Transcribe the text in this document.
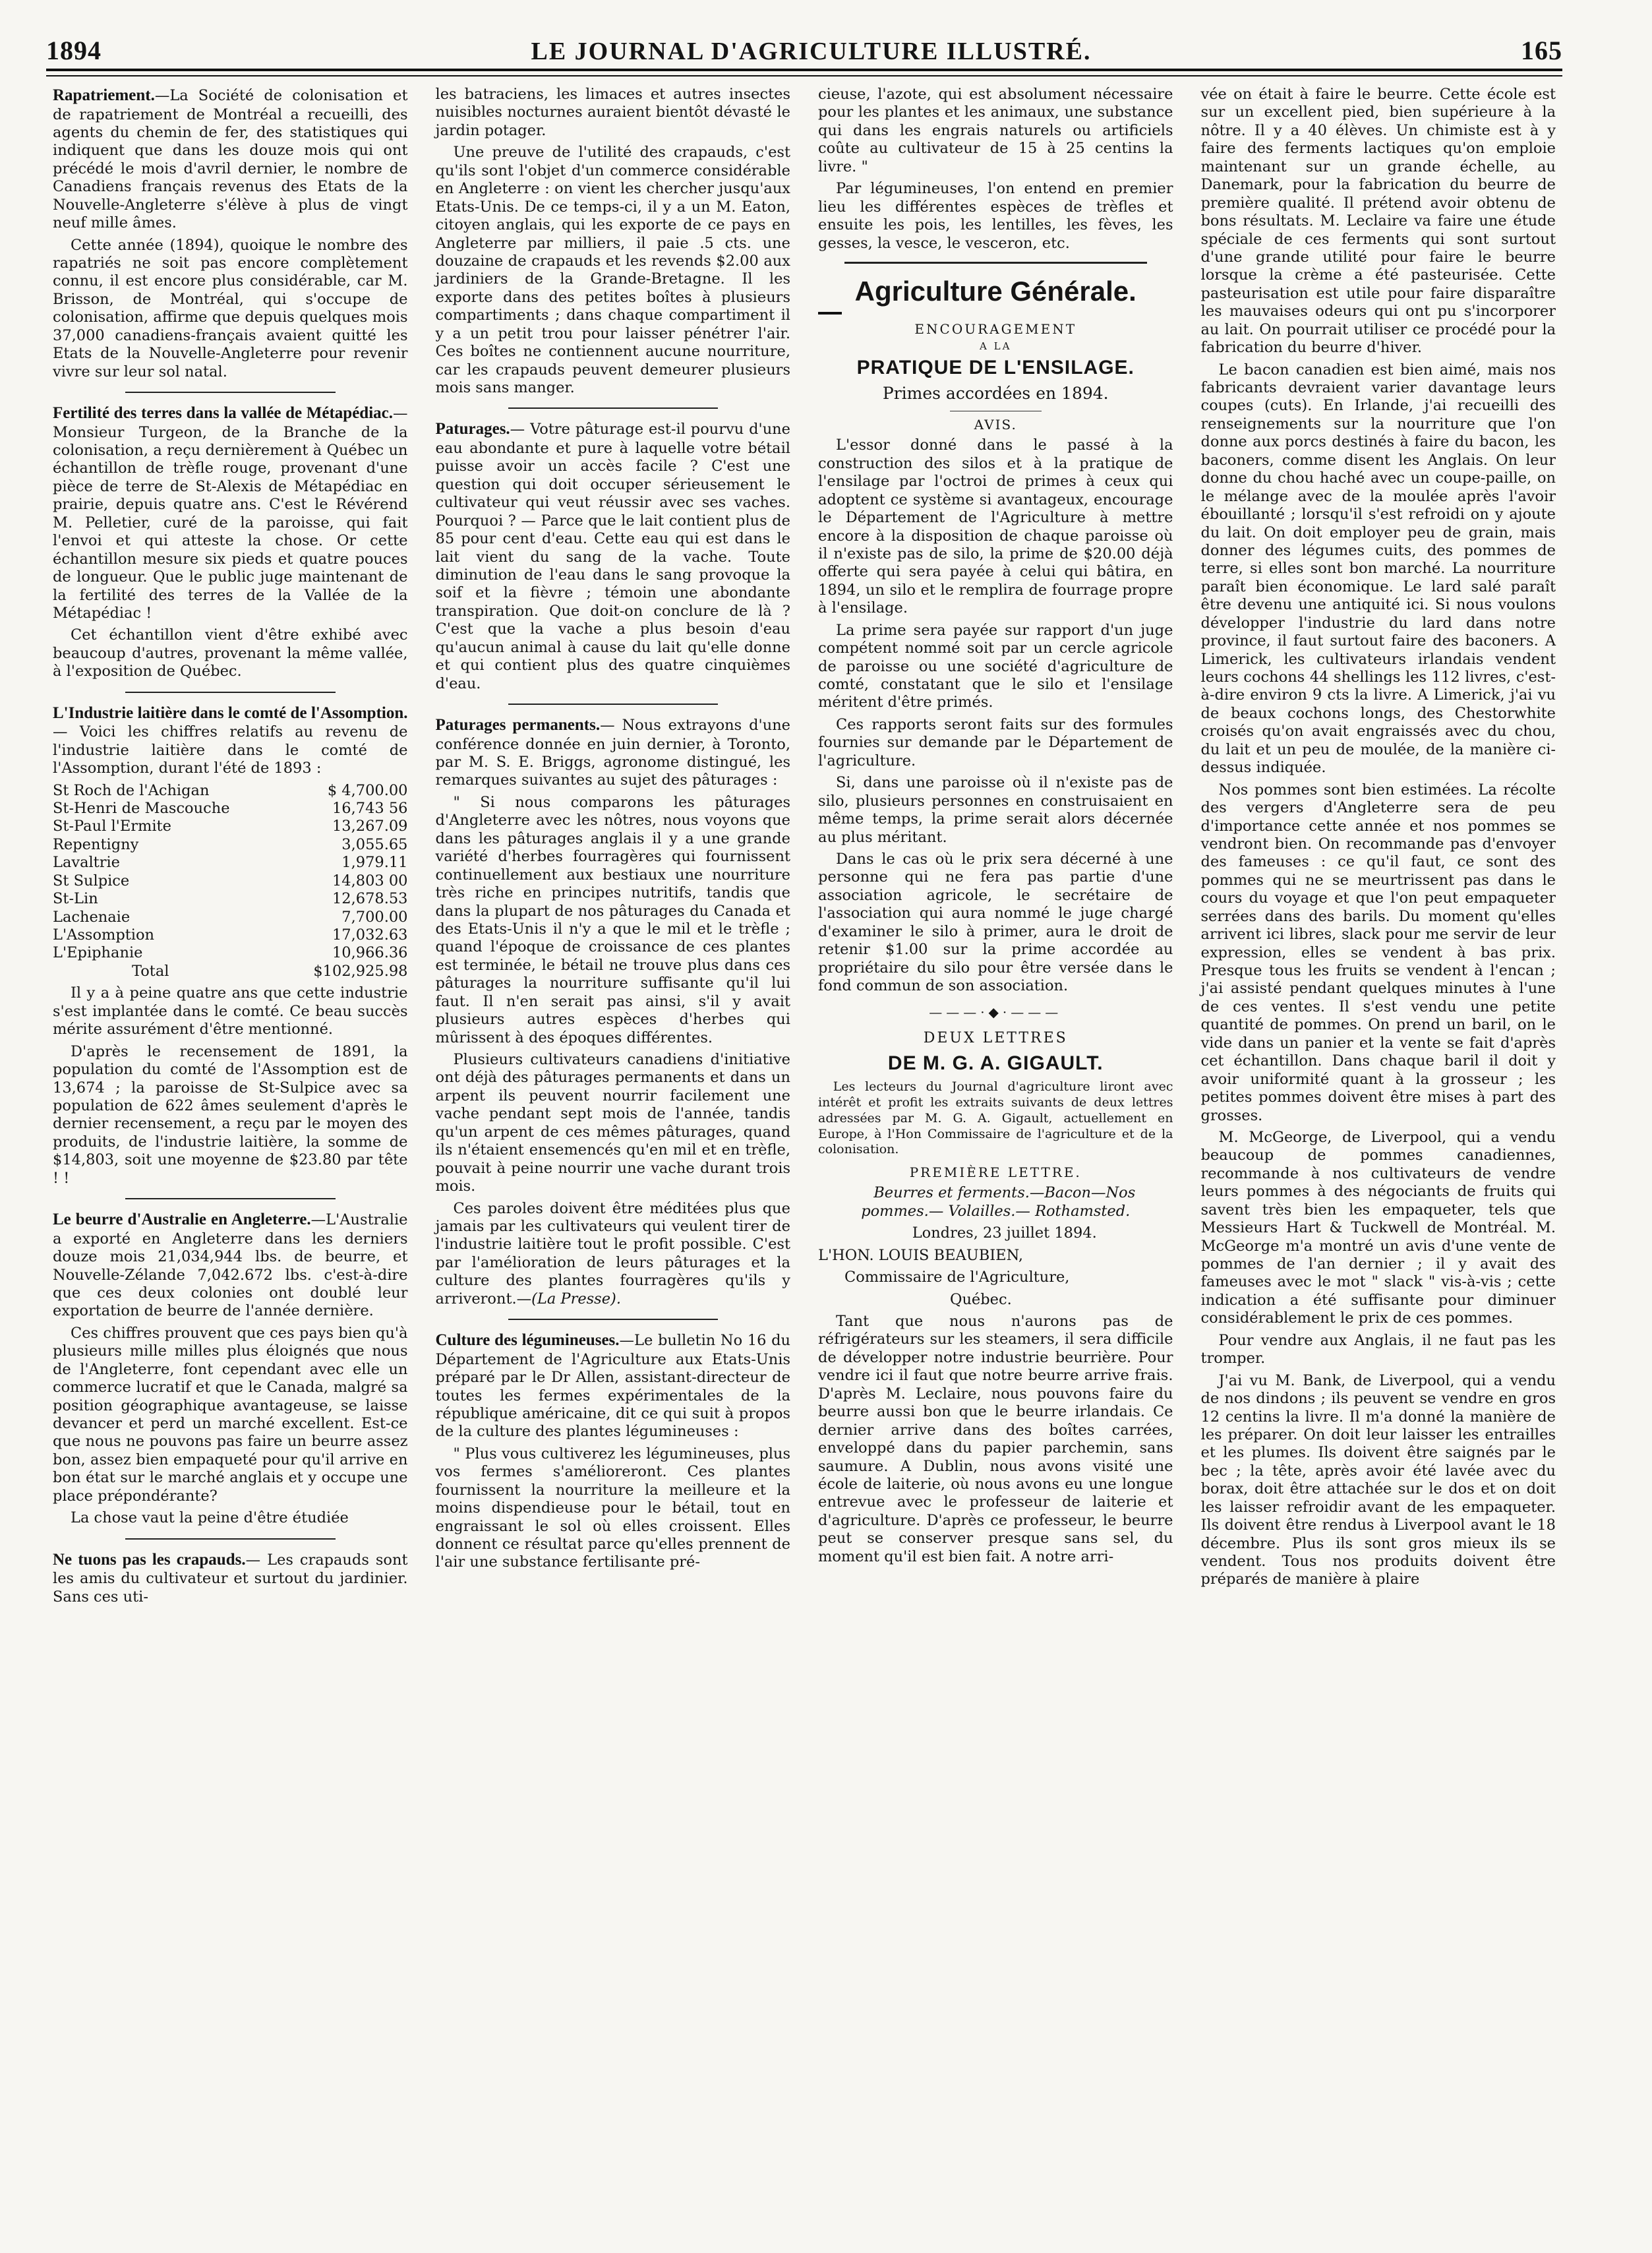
1894	LE JOURNAL D'AGRICULTURE ILLUSTRÉ.	165

Rapatriement.—La Société de colonisation et de rapatriement de Montréal a recueilli, des agents du chemin de fer, des statistiques qui indiquent que dans les douze mois qui ont précédé le mois d'avril dernier, le nombre de Canadiens français revenus des Etats de la Nouvelle-Angleterre s'élève à plus de vingt neuf mille âmes.

Cette année (1894), quoique le nombre des rapatriés ne soit pas encore complètement connu, il est encore plus considérable, car M. Brisson, de Montréal, qui s'occupe de colonisation, affirme que depuis quelques mois 37,000 canadiens-français avaient quitté les Etats de la Nouvelle-Angleterre pour revenir vivre sur leur sol natal.

Fertilité des terres dans la vallée de Métapédiac.—Monsieur Turgeon, de la Branche de la colonisation, a reçu dernièrement à Québec un échantillon de trèfle rouge, provenant d'une pièce de terre de St-Alexis de Métapédiac en prairie, depuis quatre ans. C'est le Révérend M. Pelletier, curé de la paroisse, qui fait l'envoi et qui atteste la chose. Or cette échantillon mesure six pieds et quatre pouces de longueur. Que le public juge maintenant de la fertilité des terres de la Vallée de la Métapédiac !

Cet échantillon vient d'être exhibé avec beaucoup d'autres, provenant la même vallée, à l'exposition de Québec.

L'Industrie laitière dans le comté de l'Assomption.— Voici les chiffres relatifs au revenu de l'industrie laitière dans le comté de l'Assomption, durant l'été de 1893 :

St Roch de l'Achigan	$ 4,700.00
St-Henri de Mascouche	16,743 56
St-Paul l'Ermite	13,267.09
Repentigny	3,055.65
Lavaltrie	1,979.11
St Sulpice	14,803 00
St-Lin	12,678.53
Lachenaie	7,700.00
L'Assomption	17,032.63
L'Epiphanie	10,966.36
Total	$102,925.98

Il y a à peine quatre ans que cette industrie s'est implantée dans le comté. Ce beau succès mérite assurément d'être mentionné.

D'après le recensement de 1891, la population du comté de l'Assomption est de 13,674 ; la paroisse de St-Sulpice avec sa population de 622 âmes seulement d'après le dernier recensement, a reçu par le moyen des produits, de l'industrie laitière, la somme de $14,803, soit une moyenne de $23.80 par tête ! !

Le beurre d'Australie en Angleterre.—L'Australie a exporté en Angleterre dans les derniers douze mois 21,034,944 lbs. de beurre, et Nouvelle-Zélande 7,042.672 lbs. c'est-à-dire que ces deux colonies ont doublé leur exportation de beurre de l'année dernière.

Ces chiffres prouvent que ces pays bien qu'à plusieurs mille milles plus éloignés que nous de l'Angleterre, font cependant avec elle un commerce lucratif et que le Canada, malgré sa position géographique avantageuse, se laisse devancer et perd un marché excellent. Est-ce que nous ne pouvons pas faire un beurre assez bon, assez bien empaqueté pour qu'il arrive en bon état sur le marché anglais et y occupe une place prépondérante?

La chose vaut la peine d'être étudiée

Ne tuons pas les crapauds.— Les crapauds sont les amis du cultivateur et surtout du jardinier. Sans ces uti-

les batraciens, les limaces et autres insectes nuisibles nocturnes auraient bientôt dévasté le jardin potager.

Une preuve de l'utilité des crapauds, c'est qu'ils sont l'objet d'un commerce considérable en Angleterre : on vient les chercher jusqu'aux Etats-Unis. De ce temps-ci, il y a un M. Eaton, citoyen anglais, qui les exporte de ce pays en Angleterre par milliers, il paie .5 cts. une douzaine de crapauds et les revends $2.00 aux jardiniers de la Grande-Bretagne. Il les exporte dans des petites boîtes à plusieurs compartiments ; dans chaque compartiment il y a un petit trou pour laisser pénétrer l'air. Ces boîtes ne contiennent aucune nourriture, car les crapauds peuvent demeurer plusieurs mois sans manger.

Paturages.— Votre pâturage est-il pourvu d'une eau abondante et pure à laquelle votre bétail puisse avoir un accès facile ? C'est une question qui doit occuper sérieusement le cultivateur qui veut réussir avec ses vaches. Pourquoi ? — Parce que le lait contient plus de 85 pour cent d'eau. Cette eau qui est dans le lait vient du sang de la vache. Toute diminution de l'eau dans le sang provoque la soif et la fièvre ; témoin une abondante transpiration. Que doit-on conclure de là ? C'est que la vache a plus besoin d'eau qu'aucun animal à cause du lait qu'elle donne et qui contient plus des quatre cinquièmes d'eau.

Paturages permanents.— Nous extrayons d'une conférence donnée en juin dernier, à Toronto, par M. S. E. Briggs, agronome distingué, les remarques suivantes au sujet des pâturages :

" Si nous comparons les pâturages d'Angleterre avec les nôtres, nous voyons que dans les pâturages anglais il y a une grande variété d'herbes fourragères qui fournissent continuellement aux bestiaux une nourriture très riche en principes nutritifs, tandis que dans la plupart de nos pâturages du Canada et des Etats-Unis il n'y a que le mil et le trèfle ; quand l'époque de croissance de ces plantes est terminée, le bétail ne trouve plus dans ces pâturages la nourriture suffisante qu'il lui faut. Il n'en serait pas ainsi, s'il y avait plusieurs autres espèces d'herbes qui mûrissent à des époques différentes.

Plusieurs cultivateurs canadiens d'initiative ont déjà des pâturages permanents et dans un arpent ils peuvent nourrir facilement une vache pendant sept mois de l'année, tandis qu'un arpent de ces mêmes pâturages, quand ils n'étaient ensemencés qu'en mil et en trèfle, pouvait à peine nourrir une vache durant trois mois.

Ces paroles doivent être méditées plus que jamais par les cultivateurs qui veulent tirer de l'industrie laitière tout le profit possible. C'est par l'amélioration de leurs pâturages et la culture des plantes fourragères qu'ils y arriveront.—(La Presse).

Culture des légumineuses.—Le bulletin No 16 du Département de l'Agriculture aux Etats-Unis préparé par le Dr Allen, assistant-directeur de toutes les fermes expérimentales de la république américaine, dit ce qui suit à propos de la culture des plantes légumineuses :

" Plus vous cultiverez les légumineuses, plus vos fermes s'amélioreront. Ces plantes fournissent la nourriture la meilleure et la moins dispendieuse pour le bétail, tout en engraissant le sol où elles croissent. Elles donnent ce résultat parce qu'elles prennent de l'air une substance fertilisante pré-

cieuse, l'azote, qui est absolument nécessaire pour les plantes et les animaux, une substance qui dans les engrais naturels ou artificiels coûte au cultivateur de 15 à 25 centins la livre. "

Par légumineuses, l'on entend en premier lieu les différentes espèces de trèfles et ensuite les pois, les lentilles, les fèves, les gesses, la vesce, le vesceron, etc.

Agriculture Générale.
ENCOURAGEMENT
A LA
PRATIQUE DE L'ENSILAGE.
Primes accordées en 1894.
AVIS.

L'essor donné dans le passé à la construction des silos et à la pratique de l'ensilage par l'octroi de primes à ceux qui adoptent ce système si avantageux, encourage le Département de l'Agriculture à mettre encore à la disposition de chaque paroisse où il n'existe pas de silo, la prime de $20.00 déjà offerte qui sera payée à celui qui bâtira, en 1894, un silo et le remplira de fourrage propre à l'ensilage.

La prime sera payée sur rapport d'un juge compétent nommé soit par un cercle agricole de paroisse ou une société d'agriculture de comté, constatant que le silo et l'ensilage méritent d'être primés.

Ces rapports seront faits sur des formules fournies sur demande par le Département de l'agriculture.

Si, dans une paroisse où il n'existe pas de silo, plusieurs personnes en construisaient en même temps, la prime serait alors décernée au plus méritant.

Dans le cas où le prix sera décerné à une personne qui ne fera pas partie d'une association agricole, le secrétaire de l'association qui aura nommé le juge chargé d'examiner le silo à primer, aura le droit de retenir $1.00 sur la prime accordée au propriétaire du silo pour être versée dans le fond commun de son association.

———·◆·———
DEUX LETTRES
DE M. G. A. GIGAULT.

Les lecteurs du Journal d'agriculture liront avec intérêt et profit les extraits suivants de deux lettres adressées par M. G. A. Gigault, actuellement en Europe, à l'Hon Commissaire de l'agriculture et de la colonisation.

PREMIÈRE LETTRE.

Beurres et ferments.—Bacon—Nos pommes.— Volailles.— Rothamsted.

Londres, 23 juillet 1894.

L'HON. LOUIS BEAUBIEN,

Commissaire de l'Agriculture,

Québec.

Tant que nous n'aurons pas de réfrigérateurs sur les steamers, il sera difficile de développer notre industrie beurrière. Pour vendre ici il faut que notre beurre arrive frais. D'après M. Leclaire, nous pouvons faire du beurre aussi bon que le beurre irlandais. Ce dernier arrive dans des boîtes carrées, enveloppé dans du papier parchemin, sans saumure. A Dublin, nous avons visité une école de laiterie, où nous avons eu une longue entrevue avec le professeur de laiterie et d'agriculture. D'après ce professeur, le beurre peut se conserver presque sans sel, du moment qu'il est bien fait. A notre arri-

vée on était à faire le beurre. Cette école est sur un excellent pied, bien supérieure à la nôtre. Il y a 40 élèves. Un chimiste est à y faire des ferments lactiques qu'on emploie maintenant sur un grande échelle, au Danemark, pour la fabrication du beurre de première qualité. Il prétend avoir obtenu de bons résultats. M. Leclaire va faire une étude spéciale de ces ferments qui sont surtout d'une grande utilité pour faire le beurre lorsque la crème a été pasteurisée. Cette pasteurisation est utile pour faire disparaître les mauvaises odeurs qui ont pu s'incorporer au lait. On pourrait utiliser ce procédé pour la fabrication du beurre d'hiver.

Le bacon canadien est bien aimé, mais nos fabricants devraient varier davantage leurs coupes (cuts). En Irlande, j'ai recueilli des renseignements sur la nourriture que l'on donne aux porcs destinés à faire du bacon, les baconers, comme disent les Anglais. On leur donne du chou haché avec un coupe-paille, on le mélange avec de la moulée après l'avoir ébouillanté ; lorsqu'il s'est refroidi on y ajoute du lait. On doit employer peu de grain, mais donner des légumes cuits, des pommes de terre, si elles sont bon marché. La nourriture paraît bien économique. Le lard salé paraît être devenu une antiquité ici. Si nous voulons développer l'industrie du lard dans notre province, il faut surtout faire des baconers. A Limerick, les cultivateurs irlandais vendent leurs cochons 44 shellings les 112 livres, c'est-à-dire environ 9 cts la livre. A Limerick, j'ai vu de beaux cochons longs, des Chestorwhite croisés qu'on avait engraissés avec du chou, du lait et un peu de moulée, de la manière ci-dessus indiquée.

Nos pommes sont bien estimées. La récolte des vergers d'Angleterre sera de peu d'importance cette année et nos pommes se vendront bien. On recommande pas d'envoyer des fameuses : ce qu'il faut, ce sont des pommes qui ne se meurtrissent pas dans le cours du voyage et que l'on peut empaqueter serrées dans des barils. Du moment qu'elles arrivent ici libres, slack pour me servir de leur expression, elles se vendent à bas prix. Presque tous les fruits se vendent à l'encan ; j'ai assisté pendant quelques minutes à l'une de ces ventes. Il s'est vendu une petite quantité de pommes. On prend un baril, on le vide dans un panier et la vente se fait d'après cet échantillon. Dans chaque baril il doit y avoir uniformité quant à la grosseur ; les petites pommes doivent être mises à part des grosses.

M. McGeorge, de Liverpool, qui a vendu beaucoup de pommes canadiennes, recommande à nos cultivateurs de vendre leurs pommes à des négociants de fruits qui savent très bien les empaqueter, tels que Messieurs Hart & Tuckwell de Montréal. M. McGeorge m'a montré un avis d'une vente de pommes de l'an dernier ; il y avait des fameuses avec le mot " slack " vis-à-vis ; cette indication a été suffisante pour diminuer considérablement le prix de ces pommes.

Pour vendre aux Anglais, il ne faut pas les tromper.

J'ai vu M. Bank, de Liverpool, qui a vendu de nos dindons ; ils peuvent se vendre en gros 12 centins la livre. Il m'a donné la manière de les préparer. On doit leur laisser les entrailles et les plumes. Ils doivent être saignés par le bec ; la tête, après avoir été lavée avec du borax, doit être attachée sur le dos et on doit les laisser refroidir avant de les empaqueter. Ils doivent être rendus à Liverpool avant le 18 décembre. Plus ils sont gros mieux ils se vendent. Tous nos produits doivent être préparés de manière à plaire
